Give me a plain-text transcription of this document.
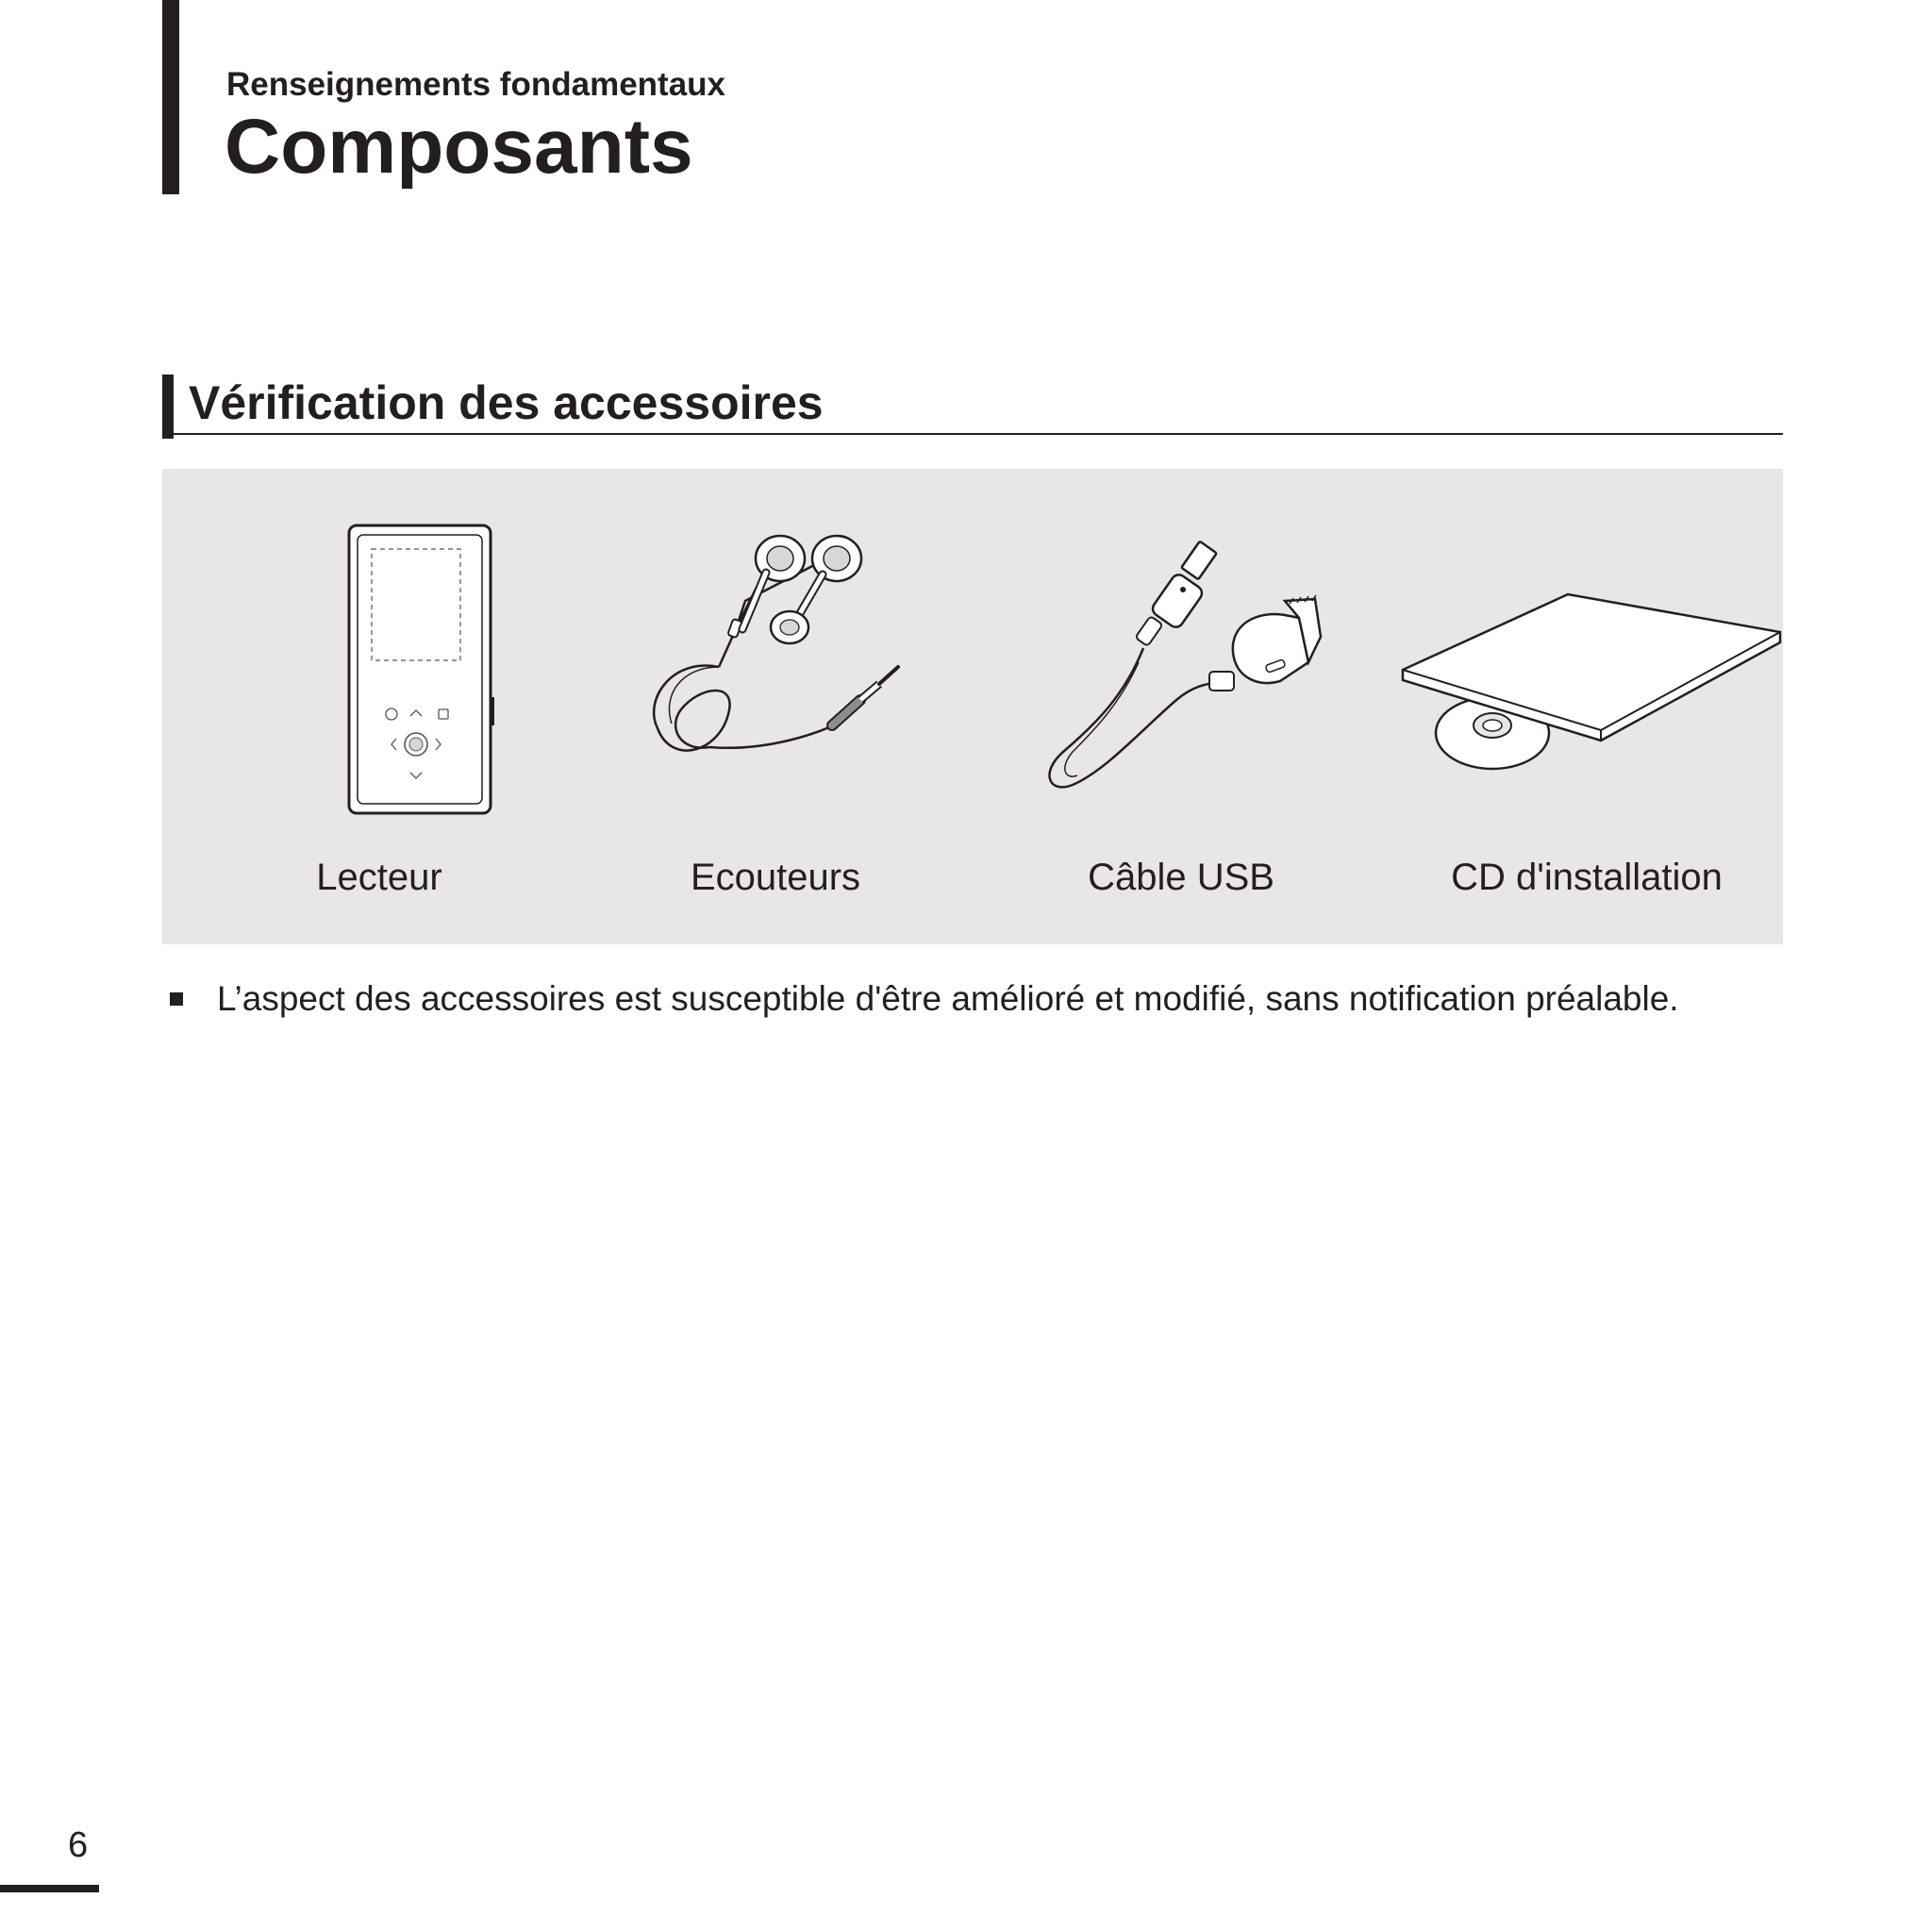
Renseignements fondamentaux
Composants
Vérification des accessoires
Lecteur	Ecouteurs	Câble USB	CD d'installation
L’aspect des accessoires est susceptible d'être amélioré et modifié, sans notification préalable.
6
